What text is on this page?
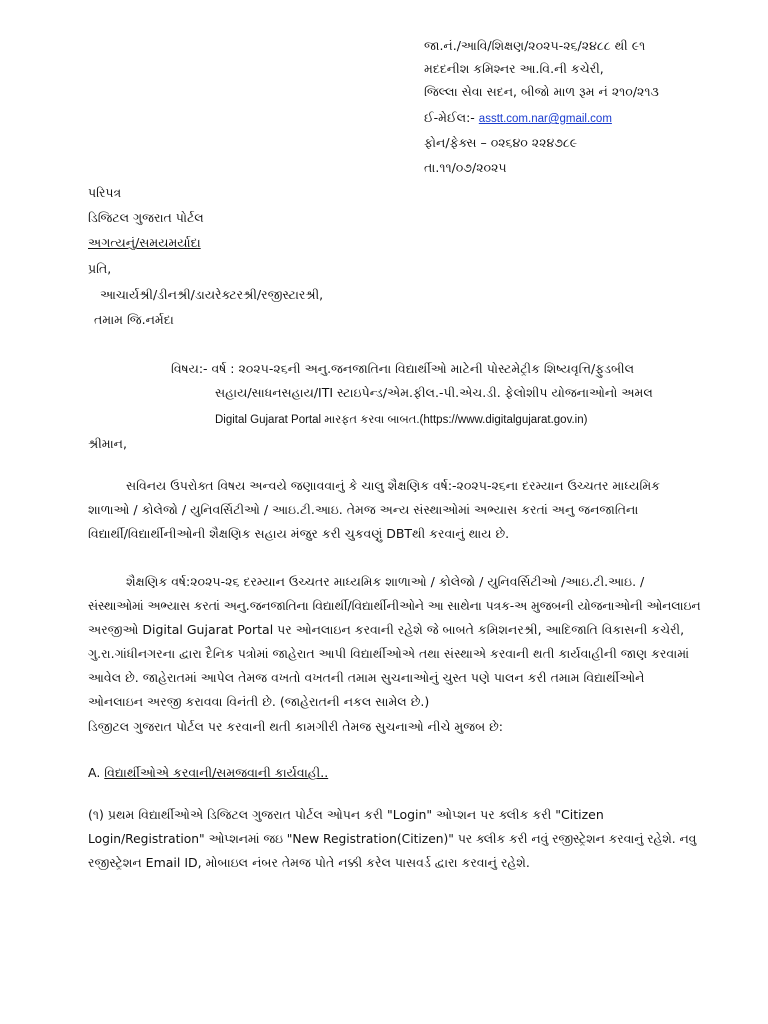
જા.નં./આવિ/શિક્ષણ/૨૦૨૫-૨૬/૨૪૮૮ થી ૯૧
મદદનીશ કમિશ્નર આ.વિ.ની કચેરી,
જિલ્લા સેવા સદન, બીજો માળ રૂમ નં ૨૧૦/૨૧૩
ઈ-મેઈલ:- asstt.com.nar@gmail.com
ફોન/ફેક્સ – ૦૨૬૪૦ ૨૨૪૭૮૯
તા.૧૧/૦૭/૨૦૨૫
પરિપત્ર
ડિજિટલ ગુજરાત પોર્ટલ
અગત્યનું/સમયમર્યાદા
પ્રતિ,
આચાર્યશ્રી/ડીનશ્રી/ડાયરેક્ટરશ્રી/રજીસ્ટારશ્રી,
તમામ જિ.નર્મદા
વિષય:- વર્ષ : ૨૦૨૫-૨૬ની અનુ.જનજાતિના વિદ્યાર્થીઓ માટેની પોસ્ટમેટ્રીક શિષ્યવૃત્તિ/ફુડબીલ
સહાય/સાધનસહાય/ITI સ્ટાઇપેન્ડ/એમ.ફીલ.-પી.એચ.ડી. ફેલોશીપ યોજનાઓનો અમલ
Digital Gujarat Portal મારફત કરવા બાબત.(https://www.digitalgujarat.gov.in)
શ્રીમાન,
સવિનય ઉપરોક્ત વિષય અન્વયે જણાવવાનું કે ચાલુ શૈક્ષણિક વર્ષ:-૨૦૨૫-૨૬ના દરમ્યાન ઉચ્ચતર માધ્યમિક
શાળાઓ / કોલેજો / યુનિવર્સિટીઓ / આઇ.ટી.આઇ. તેમજ અન્ય સંસ્થાઓમાં અભ્યાસ કરતાં અનુ જનજાતિના
વિદ્યાર્થી/વિદ્યાર્થીનીઓની શૈક્ષણિક સહાય મંજુર કરી ચુકવણું DBTથી કરવાનું થાય છે.
શૈક્ષણિક વર્ષ:૨૦૨૫-૨૬ દરમ્યાન ઉચ્ચતર માધ્યમિક શાળાઓ / કોલેજો / યુનિવર્સિટીઓ /આઇ.ટી.આઇ. /
સંસ્થાઓમાં અભ્યાસ કરતાં અનુ.જનજાતિના વિદ્યાર્થી/વિદ્યાર્થીનીઓને આ સાથેના પત્રક-અ મુજબની યોજનાઓની ઓનલાઇન
અરજીઓ Digital Gujarat Portal પર ઓનલાઇન કરવાની રહેશે જે બાબતે કમિશનરશ્રી, આદિજાતિ વિકાસની કચેરી,
ગુ.રા.ગાંધીનગરના દ્વારા દૈનિક પત્રોમાં જાહેરાત આપી વિદ્યાર્થીઓએ તથા સંસ્થાએ કરવાની થતી કાર્યવાહીની જાણ કરવામાં
આવેલ છે. જાહેરાતમાં આપેલ તેમજ વખતો વખતની તમામ સુચનાઓનું ચુસ્ત પણે પાલન કરી તમામ વિદ્યાર્થીઓને
ઓનલાઇન અરજી કરાવવા વિનંતી છે. (જાહેરાતની નકલ સામેલ છે.)
ડિજીટલ ગુજરાત પોર્ટલ પર કરવાની થતી કામગીરી તેમજ સુચનાઓ નીચે મુજબ છે:
A. વિદ્યાર્થીઓએ કરવાની/સમજવાની કાર્યવાહી..
(૧) પ્રથમ વિદ્યાર્થીઓએ ડિજિટલ ગુજરાત પોર્ટલ ઓપન કરી "Login" ઓપ્શન પર ક્લીક કરી "Citizen
Login/Registration" ઓપ્શનમાં જઇ "New Registration(Citizen)" પર ક્લીક કરી નવું રજીસ્ટ્રેશન કરવાનું રહેશે. નવુ
રજીસ્ટ્રેશન Email ID, મોબાઇલ નંબર તેમજ પોતે નક્કી કરેલ પાસવર્ડ દ્વારા કરવાનું રહેશે.
